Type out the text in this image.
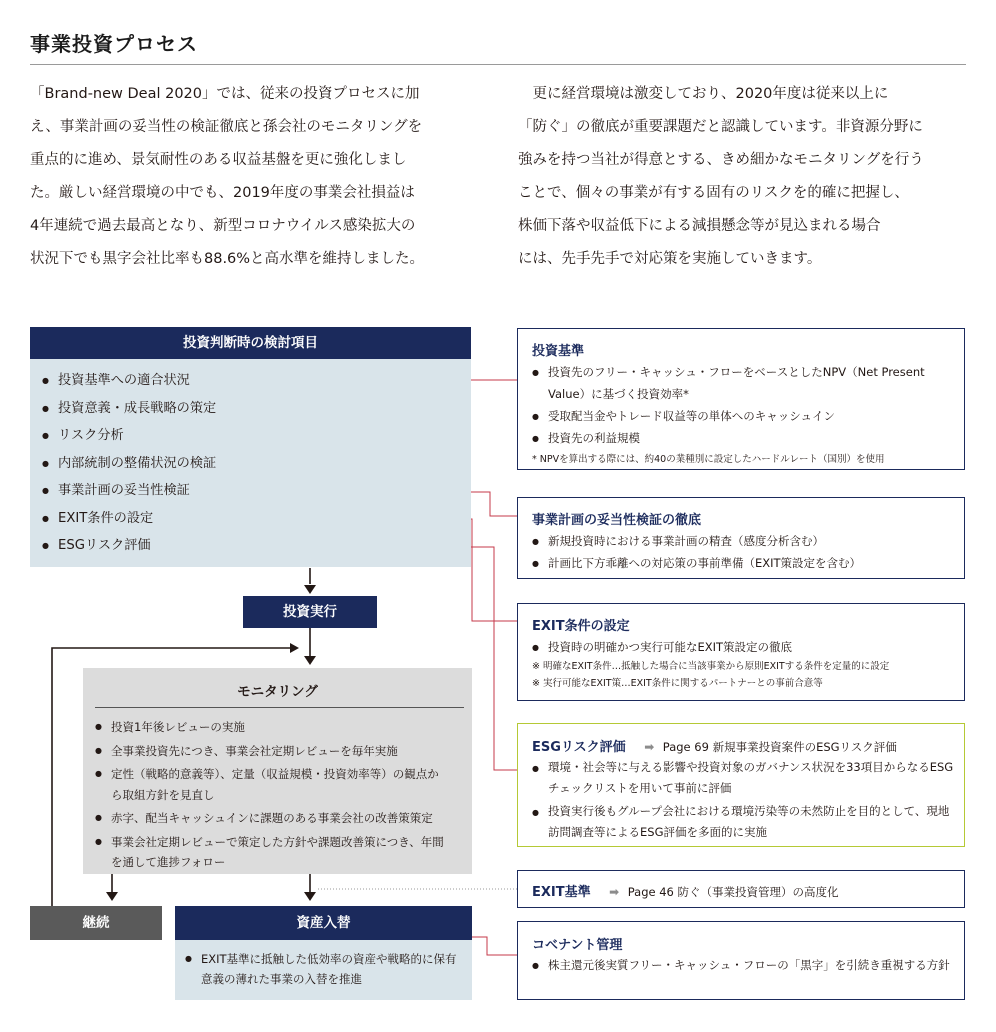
事業投資プロセス
「Brand-new Deal 2020」では、従来の投資プロセスに加
え、事業計画の妥当性の検証徹底と孫会社のモニタリングを
重点的に進め、景気耐性のある収益基盤を更に強化しまし
た。厳しい経営環境の中でも、2019年度の事業会社損益は
4年連続で過去最高となり、新型コロナウイルス感染拡大の
状況下でも黒字会社比率も88.6%と高水準を維持しました。
　更に経営環境は激変しており、2020年度は従来以上に
「防ぐ」の徹底が重要課題だと認識しています。非資源分野に
強みを持つ当社が得意とする、きめ細かなモニタリングを行う
ことで、個々の事業が有する固有のリスクを的確に把握し、
株価下落や収益低下による減損懸念等が見込まれる場合
には、先手先手で対応策を実施していきます。
投資判断時の検討項目
● 投資基準への適合状況
● 投資意義・成長戦略の策定
● リスク分析
● 内部統制の整備状況の検証
● 事業計画の妥当性検証
● EXIT条件の設定
● ESGリスク評価
投資実行
モニタリング
● 投資1年後レビューの実施
● 全事業投資先につき、事業会社定期レビューを毎年実施
● 定性（戦略的意義等）、定量（収益規模・投資効率等）の観点から取組方針を見直し
● 赤字、配当キャッシュインに課題のある事業会社の改善策策定
● 事業会社定期レビューで策定した方針や課題改善策につき、年間を通して進捗フォロー
継続	資産入替
● EXIT基準に抵触した低効率の資産や戦略的に保有意義の薄れた事業の入替を推進
投資基準
● 投資先のフリー・キャッシュ・フローをベースとしたNPV（Net Present Value）に基づく投資効率*
● 受取配当金やトレード収益等の単体へのキャッシュイン
● 投資先の利益規模
* NPVを算出する際には、約40の業種別に設定したハードルレート（国別）を使用
事業計画の妥当性検証の徹底
● 新規投資時における事業計画の精査（感度分析含む）
● 計画比下方乖離への対応策の事前準備（EXIT策設定を含む）
EXIT条件の設定
● 投資時の明確かつ実行可能なEXIT策設定の徹底
※ 明確なEXIT条件…抵触した場合に当該事業から原則EXITする条件を定量的に設定
※ 実行可能なEXIT策…EXIT条件に関するパートナーとの事前合意等
ESGリスク評価 ➡ Page 69 新規事業投資案件のESGリスク評価
● 環境・社会等に与える影響や投資対象のガバナンス状況を33項目からなるESGチェックリストを用いて事前に評価
● 投資実行後もグループ会社における環境汚染等の未然防止を目的として、現地訪問調査等によるESG評価を多面的に実施
EXIT基準 ➡ Page 46 防ぐ（事業投資管理）の高度化
コベナント管理
● 株主還元後実質フリー・キャッシュ・フローの「黒字」を引続き重視する方針
